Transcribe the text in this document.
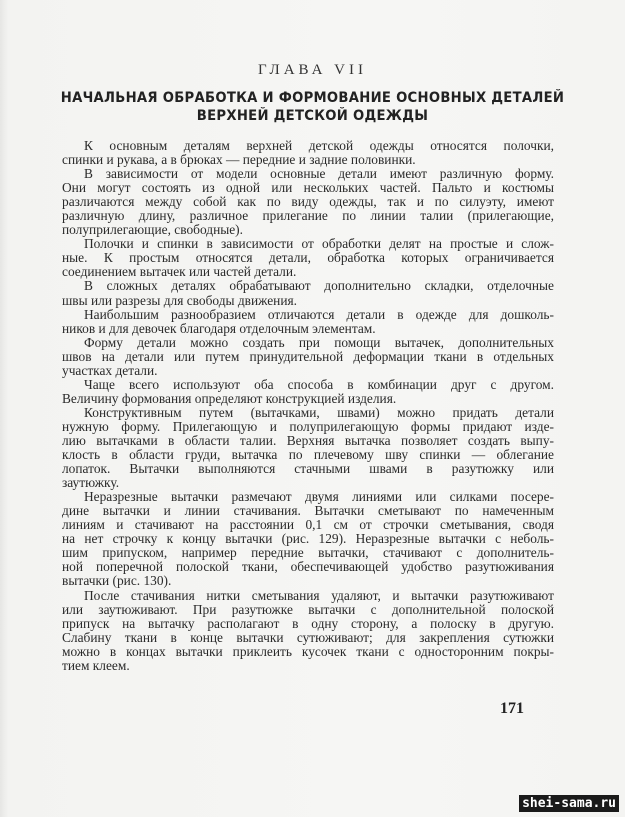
ГЛАВА VII
НАЧАЛЬНАЯ ОБРАБОТКА И ФОРМОВАНИЕ ОСНОВНЫХ ДЕТАЛЕЙ
ВЕРХНЕЙ ДЕТСКОЙ ОДЕЖДЫ
К основным деталям верхней детской одежды относятся полочки,
спинки и рукава, а в брюках — передние и задние половинки.
В зависимости от модели основные детали имеют различную форму.
Они могут состоять из одной или нескольких частей. Пальто и костюмы
различаются между собой как по виду одежды, так и по силуэту, имеют
различную длину, различное прилегание по линии талии (прилегающие,
полуприлегающие, свободные).
Полочки и спинки в зависимости от обработки делят на простые и слож-
ные. К простым относятся детали, обработка которых ограничивается
соединением вытачек или частей детали.
В сложных деталях обрабатывают дополнительно складки, отделочные
швы или разрезы для свободы движения.
Наибольшим разнообразием отличаются детали в одежде для дошколь-
ников и для девочек благодаря отделочным элементам.
Форму детали можно создать при помощи вытачек, дополнительных
швов на детали или путем принудительной деформации ткани в отдельных
участках детали.
Чаще всего используют оба способа в комбинации друг с другом.
Величину формования определяют конструкцией изделия.
Конструктивным путем (вытачками, швами) можно придать детали
нужную форму. Прилегающую и полуприлегающую формы придают изде-
лию вытачками в области талии. Верхняя вытачка позволяет создать выпу-
клость в области груди, вытачка по плечевому шву спинки — облегание
лопаток. Вытачки выполняются стачными швами в разутюжку или
заутюжку.
Неразрезные вытачки размечают двумя линиями или силками посере-
дине вытачки и линии стачивания. Вытачки сметывают по намеченным
линиям и стачивают на расстоянии 0,1 см от строчки сметывания, сводя
на нет строчку к концу вытачки (рис. 129). Неразрезные вытачки с неболь-
шим припуском, например передние вытачки, стачивают с дополнитель-
ной поперечной полоской ткани, обеспечивающей удобство разутюживания
вытачки (рис. 130).
После стачивания нитки сметывания удаляют, и вытачки разутюживают
или заутюживают. При разутюжке вытачки с дополнительной полоской
припуск на вытачку располагают в одну сторону, а полоску в другую.
Слабину ткани в конце вытачки сутюживают; для закрепления сутюжки
можно в концах вытачки приклеить кусочек ткани с односторонним покры-
тием клеем.
171
shei-sama.ru
